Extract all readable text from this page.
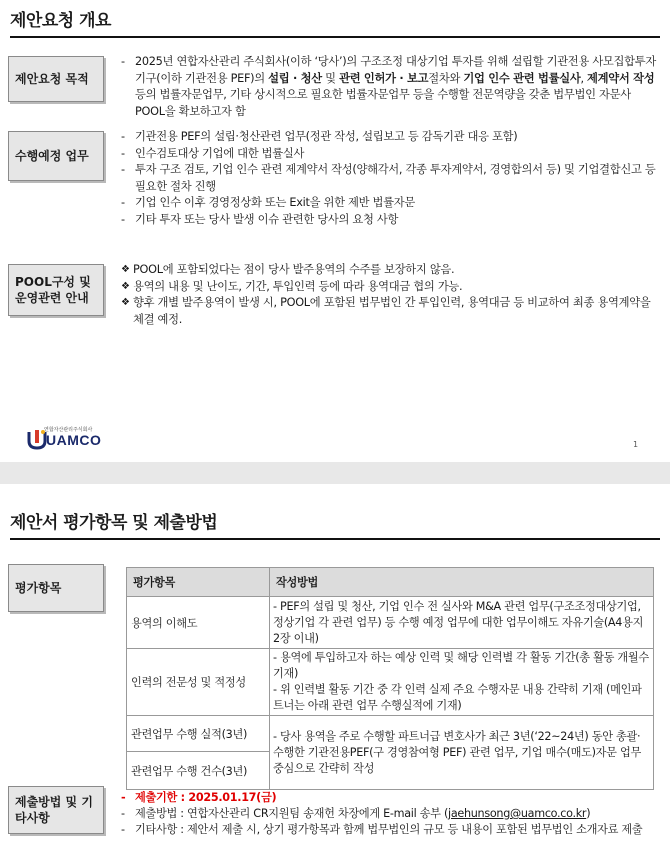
제안요청 개요
제안요청 목적
- 2025년 연합자산관리 주식회사(이하 ‘당사’)의 구조조정 대상기업 투자를 위해 설립할 기관전용 사모집합투자기구(이하 기관전용 PEF)의 설립 · 청산 및 관련 인허가 · 보고절차와 기업 인수 관련 법률실사, 제계약서 작성 등의 법률자문업무, 기타 상시적으로 필요한 법률자문업무 등을 수행할 전문역량을 갖춘 법무법인 자문사 POOL을 확보하고자 함
수행예정 업무
- 기관전용 PEF의 설립·청산관련 업무(정관 작성, 설립보고 등 감독기관 대응 포함)
- 인수검토대상 기업에 대한 법률실사
- 투자 구조 검토, 기업 인수 관련 제계약서 작성(양해각서, 각종 투자계약서, 경영합의서 등) 및 기업결합신고 등 필요한 절차 진행
- 기업 인수 이후 경영정상화 또는 Exit을 위한 제반 법률자문
- 기타 투자 또는 당사 발생 이슈 관련한 당사의 요청 사항
POOL구성 및 운영관련 안내
❖ POOL에 포함되었다는 점이 당사 발주용역의 수주를 보장하지 않음.
❖ 용역의 내용 및 난이도, 기간, 투입인력 등에 따라 용역대금 협의 가능.
❖ 향후 개별 발주용역이 발생 시, POOL에 포함된 법무법인 간 투입인력, 용역대금 등 비교하여 최종 용역계약을 체결 예정.
연합자산관리주식회사
UAMCO	1
제안서 평가항목 및 제출방법
평가항목	평가항목	작성방법
용역의 이해도	- PEF의 설립 및 청산, 기업 인수 전 실사와 M&A 관련 업무(구조조정대상기업, 정상기업 각 관련 업무) 등 수행 예정 업무에 대한 업무이해도 자유기술(A4용지 2장 이내)
인력의 전문성 및 적정성	- 용역에 투입하고자 하는 예상 인력 및 해당 인력별 각 활동 기간(총 활동 개월수 기재)
- 위 인력별 활동 기간 중 각 인력 실제 주요 수행자문 내용 간략히 기재 (메인파트너는 아래 관련 업무 수행실적에 기재)
관련업무 수행 실적(3년)	- 당사 용역을 주로 수행할 파트너급 변호사가 최근 3년(‘22~24년) 동안 총괄·수행한 기관전용PEF(구 경영참여형 PEF) 관련 업무, 기업 매수(매도)자문 업무 중심으로 간략히 작성
관련업무 수행 건수(3년)	
제출방법 및 기타사항
- 제출기한 : 2025.01.17(금)
- 제출방법 : 연합자산관리 CR지원팀 송재헌 차장에게 E-mail 송부 (jaehunsong@uamco.co.kr)
- 기타사항 : 제안서 제출 시, 상기 평가항목과 함께 법무법인의 규모 등 내용이 포함된 법무법인 소개자료 제출
